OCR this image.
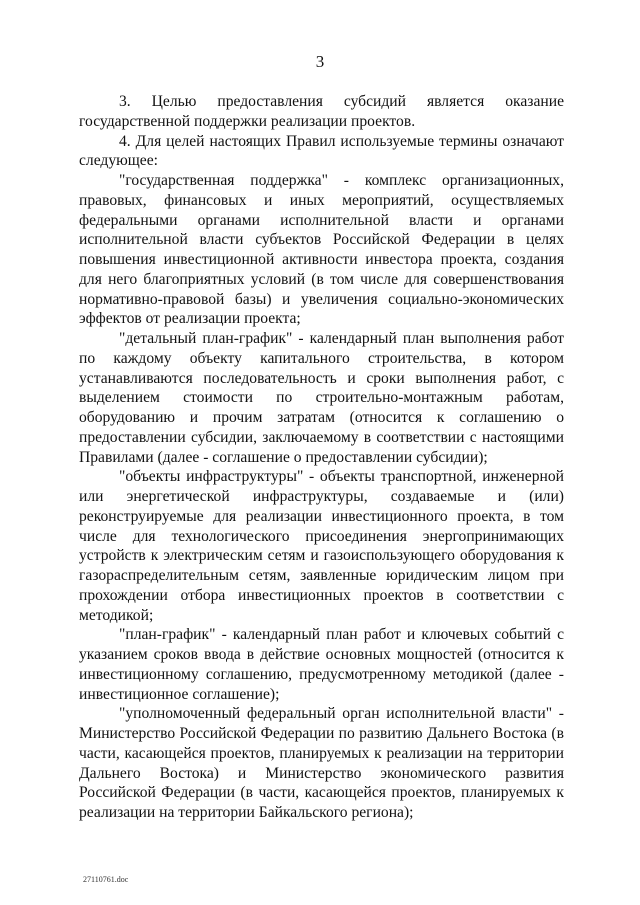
3

3. Целью предоставления субсидий является оказание государственной поддержки реализации проектов.

4. Для целей настоящих Правил используемые термины означают следующее:

"государственная поддержка" - комплекс организационных, правовых, финансовых и иных мероприятий, осуществляемых федеральными органами исполнительной власти и органами исполнительной власти субъектов Российской Федерации в целях повышения инвестиционной активности инвестора проекта, создания для него благоприятных условий (в том числе для совершенствования нормативно-правовой базы) и увеличения социально-экономических эффектов от реализации проекта;

"детальный план-график" - календарный план выполнения работ по каждому объекту капитального строительства, в котором устанавливаются последовательность и сроки выполнения работ, с выделением стоимости по строительно-монтажным работам, оборудованию и прочим затратам (относится к соглашению о предоставлении субсидии, заключаемому в соответствии с настоящими Правилами (далее - соглашение о предоставлении субсидии);

"объекты инфраструктуры" - объекты транспортной, инженерной или энергетической инфраструктуры, создаваемые и (или) реконструируемые для реализации инвестиционного проекта, в том числе для технологического присоединения энергопринимающих устройств к электрическим сетям и газоиспользующего оборудования к газораспределительным сетям, заявленные юридическим лицом при прохождении отбора инвестиционных проектов в соответствии с методикой;

"план-график" - календарный план работ и ключевых событий с указанием сроков ввода в действие основных мощностей (относится к инвестиционному соглашению, предусмотренному методикой (далее - инвестиционное соглашение);

"уполномоченный федеральный орган исполнительной власти" - Министерство Российской Федерации по развитию Дальнего Востока (в части, касающейся проектов, планируемых к реализации на территории Дальнего Востока) и Министерство экономического развития Российской Федерации (в части, касающейся проектов, планируемых к реализации на территории Байкальского региона);

27110761.doc
